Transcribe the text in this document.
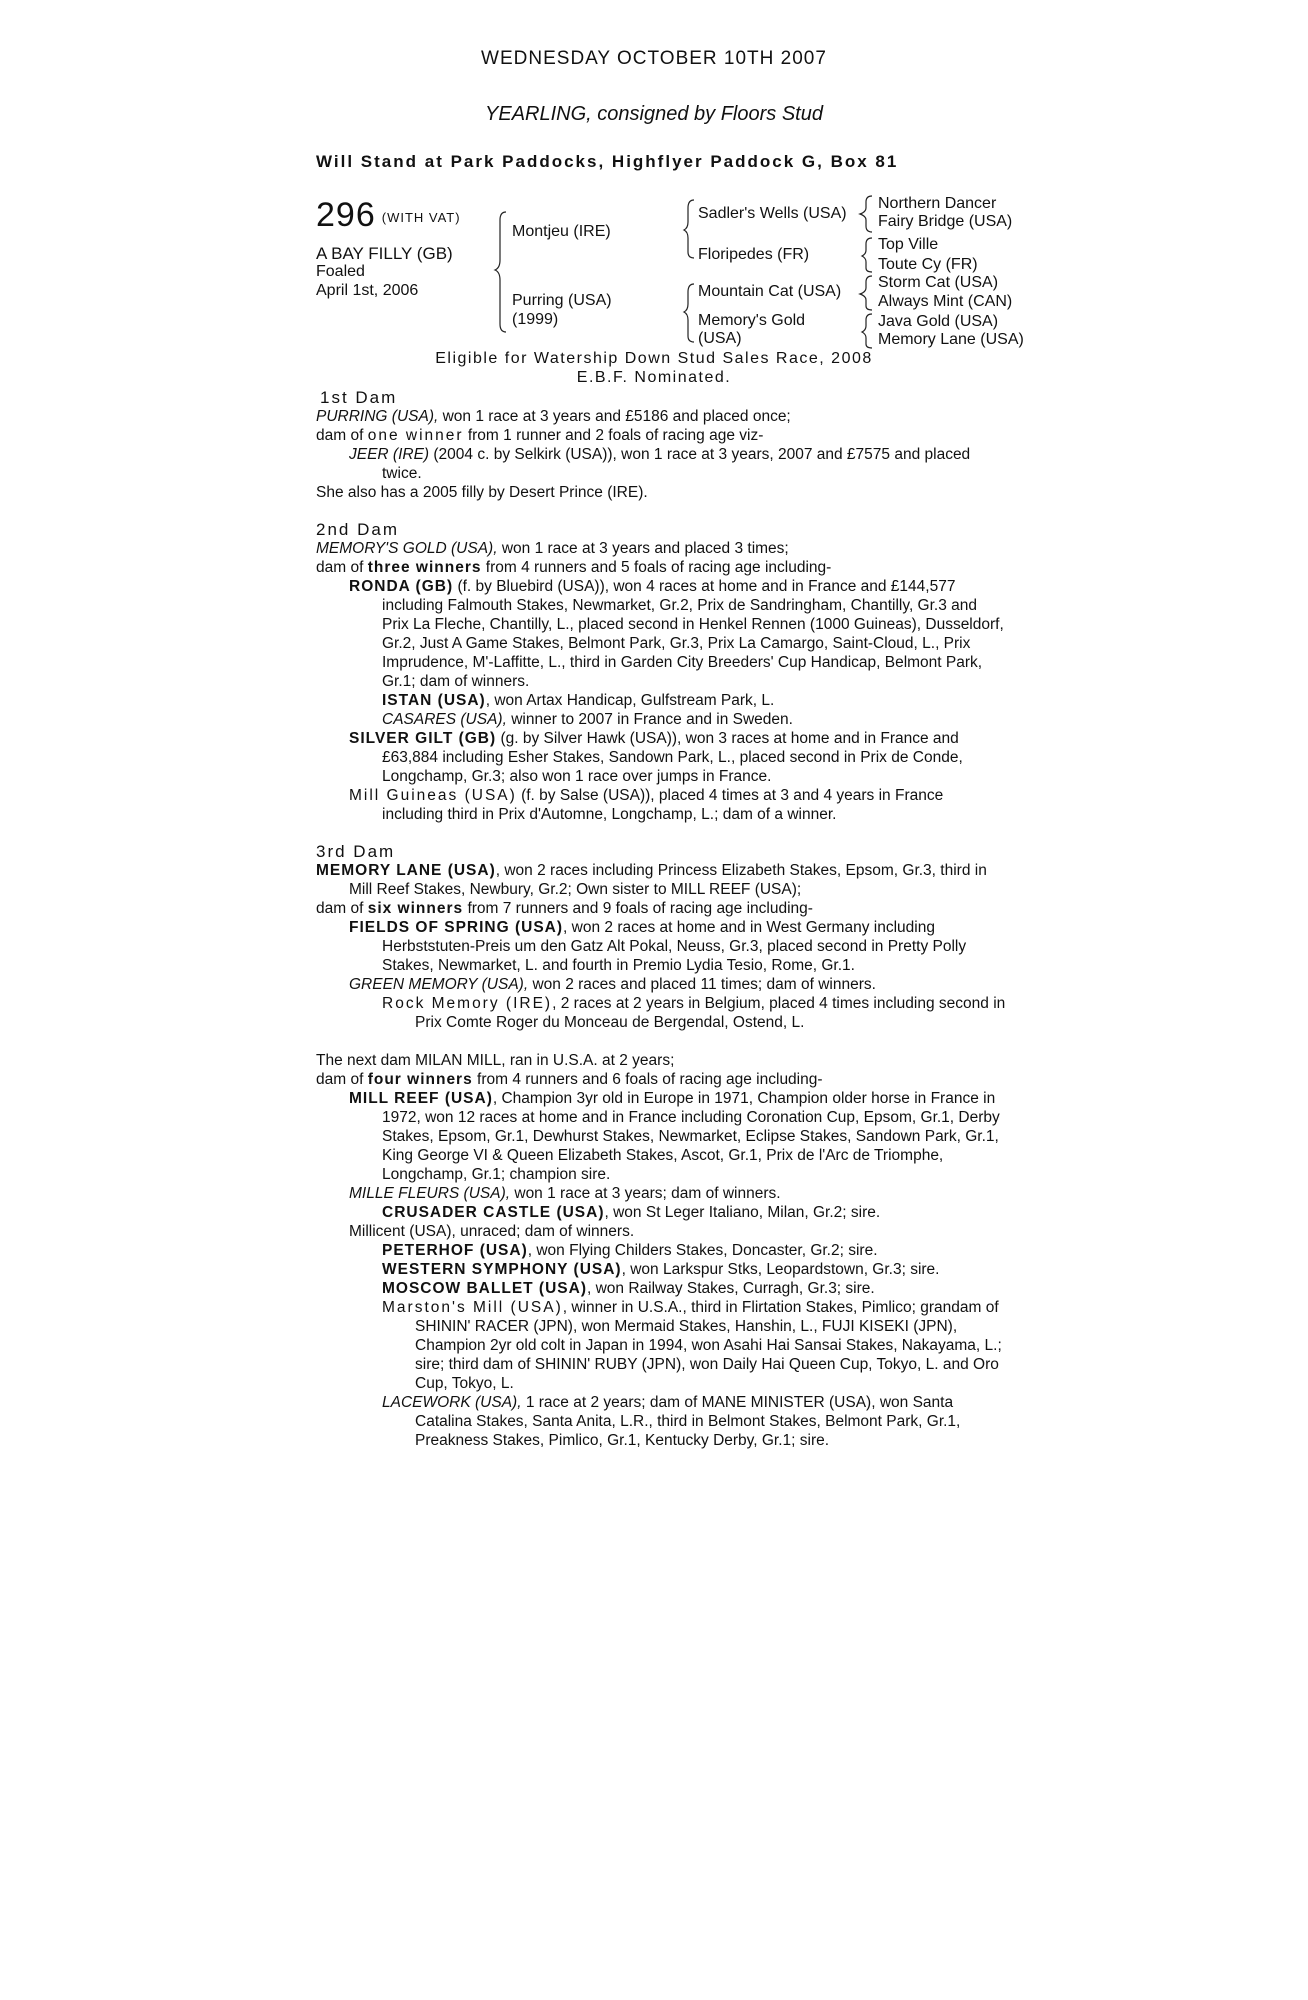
WEDNESDAY OCTOBER 10TH 2007
YEARLING, consigned by Floors Stud
Will Stand at Park Paddocks, Highflyer Paddock G, Box 81
296 (WITH VAT)
A BAY FILLY (GB)
Foaled
April 1st, 2006
Montjeu (IRE)
Purring (USA)
(1999)
Sadler's Wells (USA)
Floripedes (FR)
Mountain Cat (USA)
Memory's Gold
(USA)
Northern Dancer
Fairy Bridge (USA)
Top Ville
Toute Cy (FR)
Storm Cat (USA)
Always Mint (CAN)
Java Gold (USA)
Memory Lane (USA)
Eligible for Watership Down Stud Sales Race, 2008
E.B.F. Nominated.

1st Dam

PURRING (USA), won 1 race at 3 years and £5186 and placed once;

dam of one winner from 1 runner and 2 foals of racing age viz-

JEER (IRE) (2004 c. by Selkirk (USA)), won 1 race at 3 years, 2007 and £7575 and placed twice.

She also has a 2005 filly by Desert Prince (IRE).

2nd Dam

MEMORY'S GOLD (USA), won 1 race at 3 years and placed 3 times;

dam of three winners from 4 runners and 5 foals of racing age including-

RONDA (GB) (f. by Bluebird (USA)), won 4 races at home and in France and £144,577 including Falmouth Stakes, Newmarket, Gr.2, Prix de Sandringham, Chantilly, Gr.3 and Prix La Fleche, Chantilly, L., placed second in Henkel Rennen (1000 Guineas), Dusseldorf, Gr.2, Just A Game Stakes, Belmont Park, Gr.3, Prix La Camargo, Saint-Cloud, L., Prix Imprudence, M'-Laffitte, L., third in Garden City Breeders' Cup Handicap, Belmont Park, Gr.1; dam of winners.

ISTAN (USA), won Artax Handicap, Gulfstream Park, L.

CASARES (USA), winner to 2007 in France and in Sweden.

SILVER GILT (GB) (g. by Silver Hawk (USA)), won 3 races at home and in France and £63,884 including Esher Stakes, Sandown Park, L., placed second in Prix de Conde, Longchamp, Gr.3; also won 1 race over jumps in France.

Mill Guineas (USA) (f. by Salse (USA)), placed 4 times at 3 and 4 years in France including third in Prix d'Automne, Longchamp, L.; dam of a winner.

3rd Dam

MEMORY LANE (USA), won 2 races including Princess Elizabeth Stakes, Epsom, Gr.3, third in Mill Reef Stakes, Newbury, Gr.2; Own sister to MILL REEF (USA);

dam of six winners from 7 runners and 9 foals of racing age including-

FIELDS OF SPRING (USA), won 2 races at home and in West Germany including Herbststuten-Preis um den Gatz Alt Pokal, Neuss, Gr.3, placed second in Pretty Polly Stakes, Newmarket, L. and fourth in Premio Lydia Tesio, Rome, Gr.1.

GREEN MEMORY (USA), won 2 races and placed 11 times; dam of winners.

Rock Memory (IRE), 2 races at 2 years in Belgium, placed 4 times including second in Prix Comte Roger du Monceau de Bergendal, Ostend, L.

The next dam MILAN MILL, ran in U.S.A. at 2 years;

dam of four winners from 4 runners and 6 foals of racing age including-

MILL REEF (USA), Champion 3yr old in Europe in 1971, Champion older horse in France in 1972, won 12 races at home and in France including Coronation Cup, Epsom, Gr.1, Derby Stakes, Epsom, Gr.1, Dewhurst Stakes, Newmarket, Eclipse Stakes, Sandown Park, Gr.1, King George VI & Queen Elizabeth Stakes, Ascot, Gr.1, Prix de l'Arc de Triomphe, Longchamp, Gr.1; champion sire.

MILLE FLEURS (USA), won 1 race at 3 years; dam of winners.

CRUSADER CASTLE (USA), won St Leger Italiano, Milan, Gr.2; sire.

Millicent (USA), unraced; dam of winners.

PETERHOF (USA), won Flying Childers Stakes, Doncaster, Gr.2; sire.

WESTERN SYMPHONY (USA), won Larkspur Stks, Leopardstown, Gr.3; sire.

MOSCOW BALLET (USA), won Railway Stakes, Curragh, Gr.3; sire.

Marston's Mill (USA), winner in U.S.A., third in Flirtation Stakes, Pimlico; grandam of SHININ' RACER (JPN), won Mermaid Stakes, Hanshin, L., FUJI KISEKI (JPN), Champion 2yr old colt in Japan in 1994, won Asahi Hai Sansai Stakes, Nakayama, L.; sire; third dam of SHININ' RUBY (JPN), won Daily Hai Queen Cup, Tokyo, L. and Oro Cup, Tokyo, L.

LACEWORK (USA), 1 race at 2 years; dam of MANE MINISTER (USA), won Santa Catalina Stakes, Santa Anita, L.R., third in Belmont Stakes, Belmont Park, Gr.1, Preakness Stakes, Pimlico, Gr.1, Kentucky Derby, Gr.1; sire.
